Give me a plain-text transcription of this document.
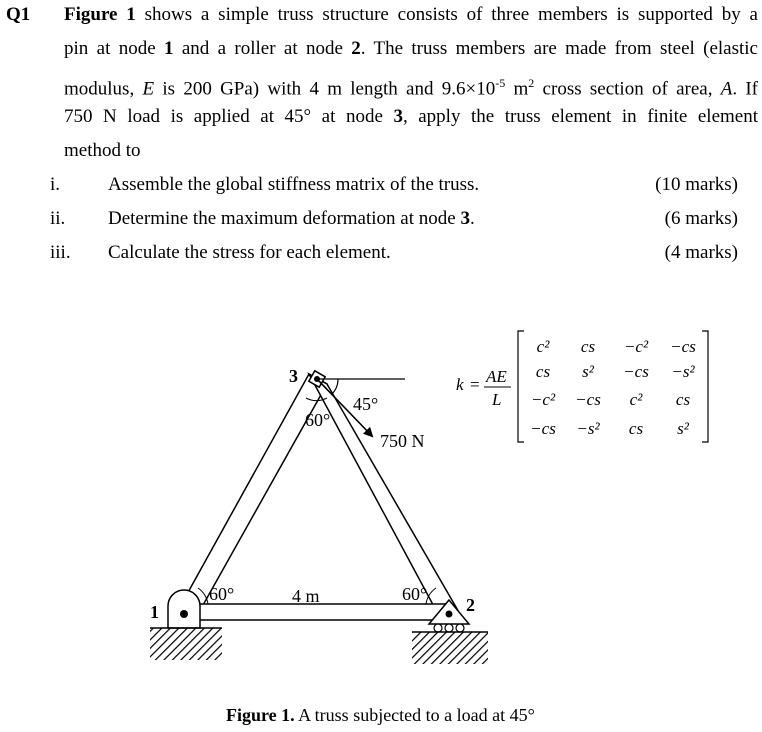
Q1 Figure 1 shows a simple truss structure consists of three members is supported by a
pin at node 1 and a roller at node 2. The truss members are made from steel (elastic
modulus, E is 200 GPa) with 4 m length and $9.6\times 10^{-5}$ $m^2$ cross section of area, A. If
750 N load is applied at 45° at node 3, apply the truss element in finite element
method to
i.	Assemble the global stiffness matrix of the truss.	(10 marks)
ii. Determine the maximum deformation at node 3.	(6 marks)
iii. Calculate the stress for each element.	(4 marks)
1	2
3
60°	60°
60°
45°
750 N
4 m
k = AE
L
c² cs −c² −cs
cs s² −cs −s²
−c² −cs c² cs
−cs −s² cs s²
Figure 1. A truss subjected to a load at 45°
